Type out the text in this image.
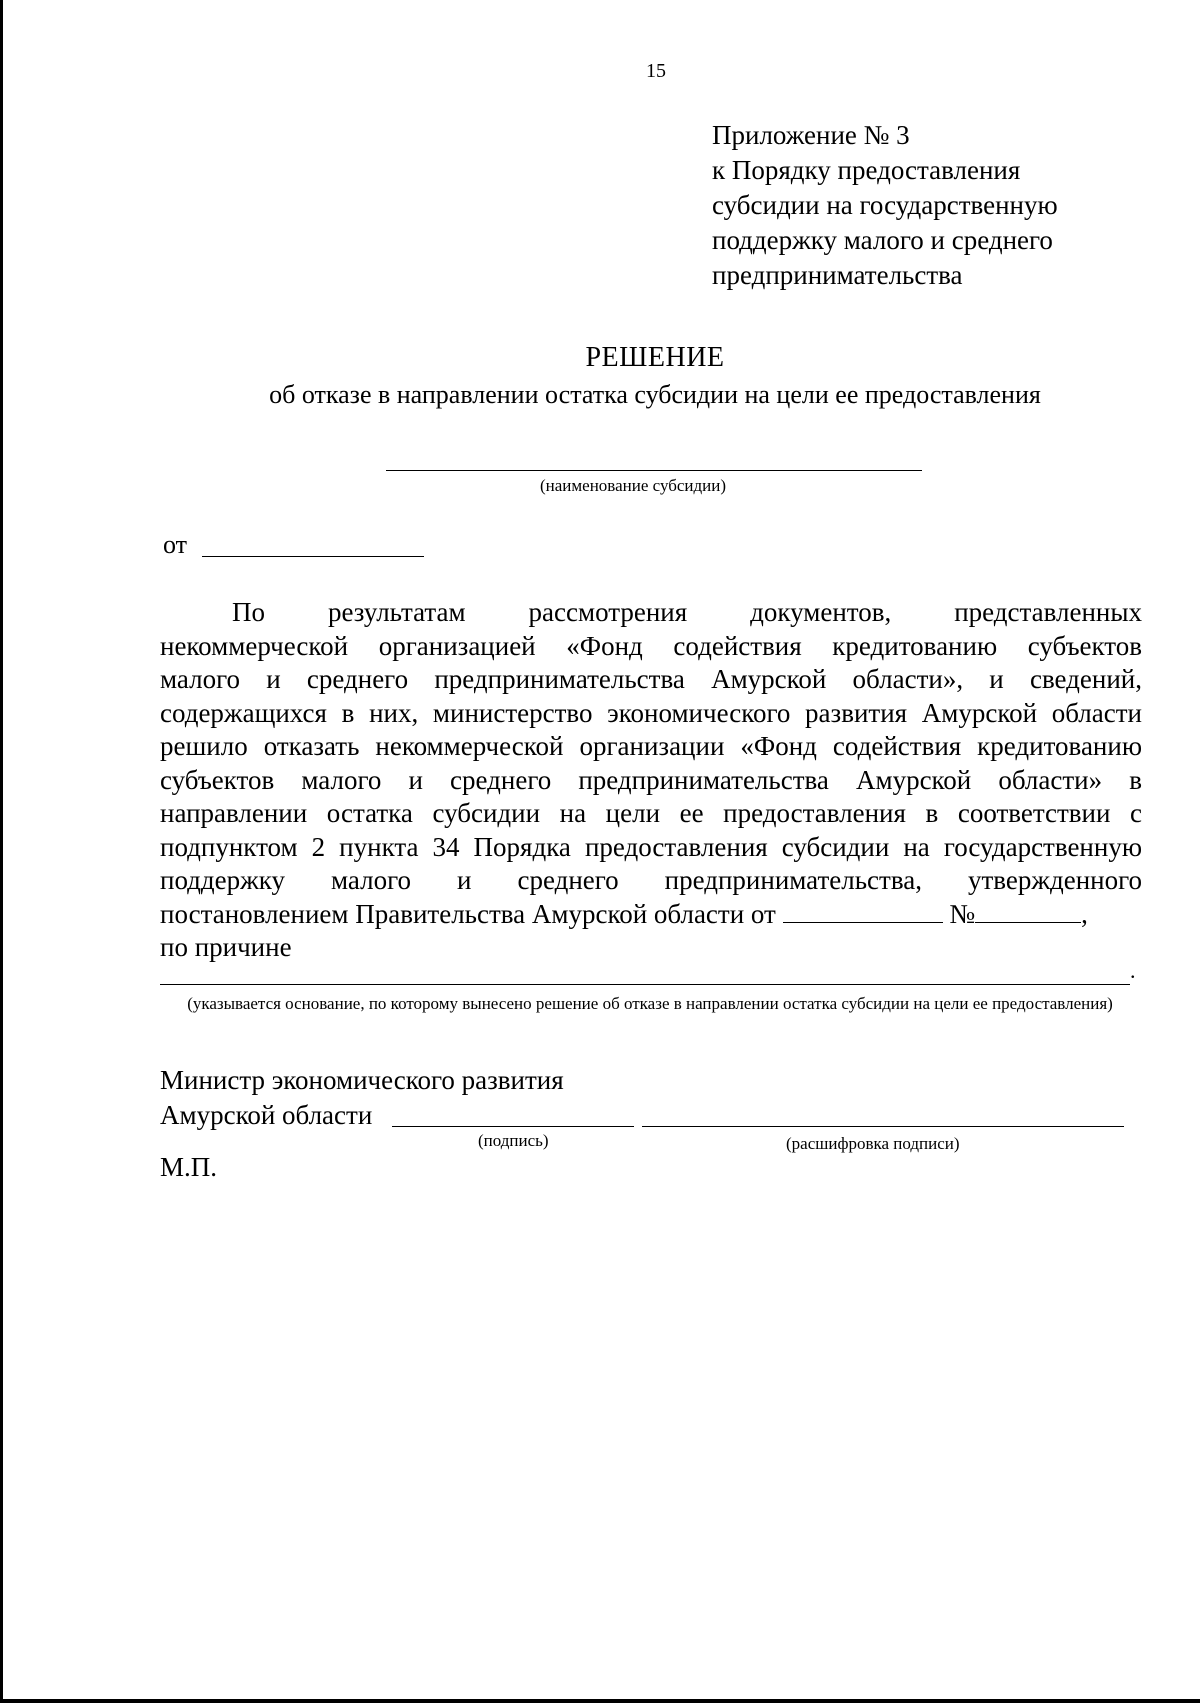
15
Приложение № 3
к Порядку предоставления
субсидии на государственную
поддержку малого и среднего
предпринимательства
РЕШЕНИЕ
об отказе в направлении остатка субсидии на цели ее предоставления
(наименование субсидии)
от
По результатам рассмотрения документов, представленных
некоммерческой организацией «Фонд содействия кредитованию субъектов
малого и среднего предпринимательства Амурской области», и сведений,
содержащихся в них, министерство экономического развития Амурской области
решило отказать некоммерческой организации «Фонд содействия кредитованию
субъектов малого и среднего предпринимательства Амурской области» в
направлении остатка субсидии на цели ее предоставления в соответствии с
подпунктом 2 пункта 34 Порядка предоставления субсидии на государственную
поддержку малого и среднего предпринимательства, утвержденного
постановлением Правительства Амурской области от	№	,
по причине
.
(указывается основание, по которому вынесено решение об отказе в направлении остатка субсидии на цели ее предоставления)
Министр экономического развития
Амурской области
(подпись)	(расшифровка подписи)
М.П.
